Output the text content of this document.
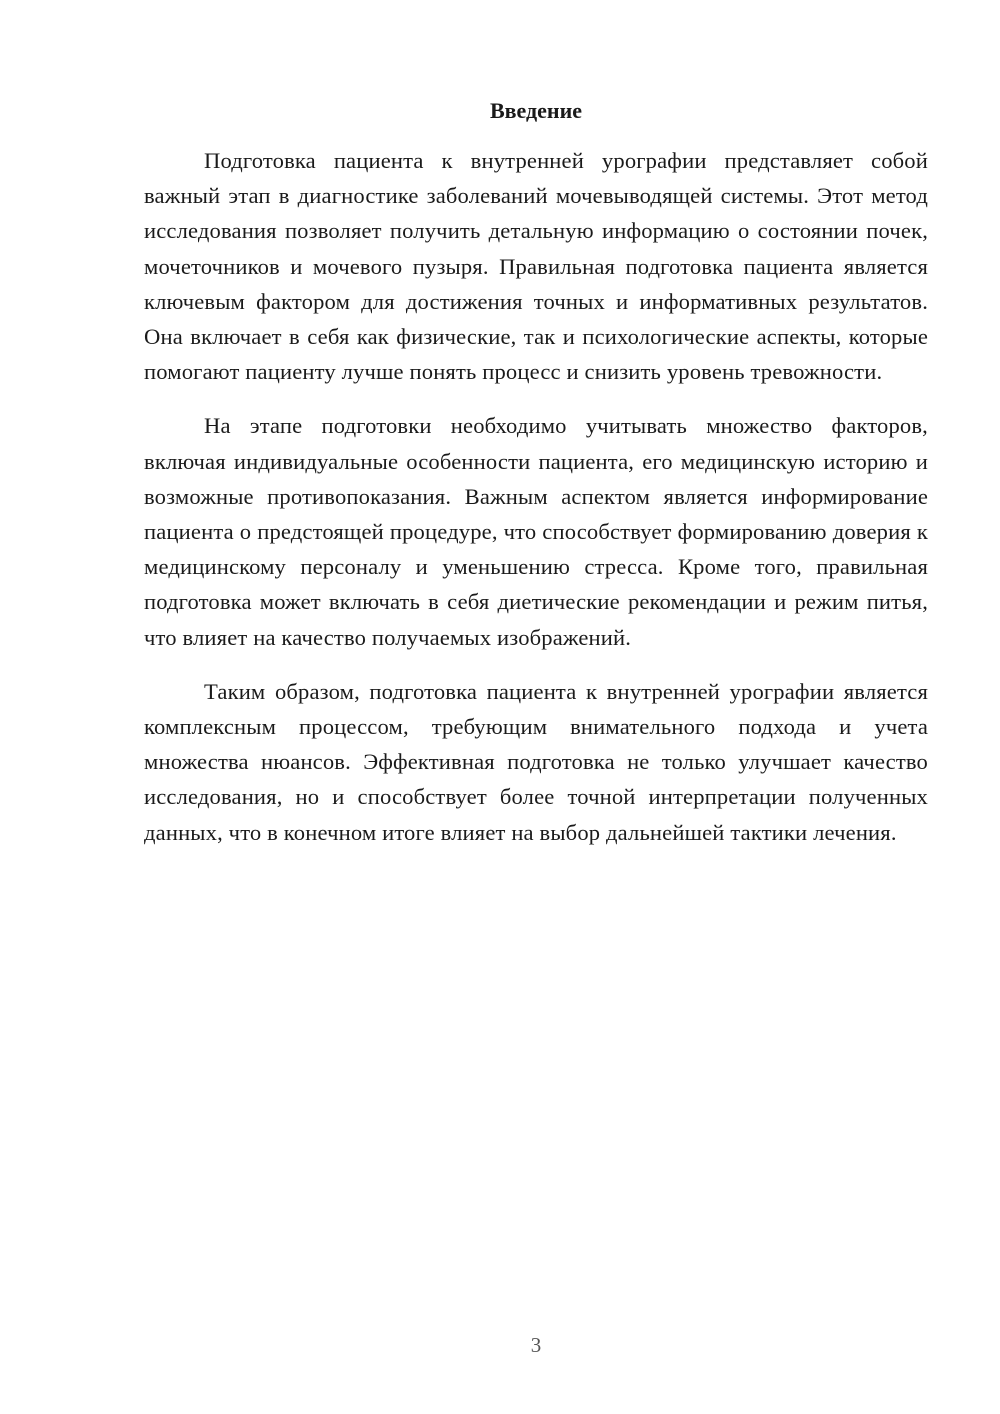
Введение

Подготовка пациента к внутренней урографии представляет собой важный этап в диагностике заболеваний мочевыводящей системы. Этот метод исследования позволяет получить детальную информацию о состоянии почек, мочеточников и мочевого пузыря. Правильная подготовка пациента является ключевым фактором для достижения точных и информативных результатов. Она включает в себя как физические, так и психологические аспекты, которые помогают пациенту лучше понять процесс и снизить уровень тревожности.

На этапе подготовки необходимо учитывать множество факторов, включая индивидуальные особенности пациента, его медицинскую историю и возможные противопоказания. Важным аспектом является информирование пациента о предстоящей процедуре, что способствует формированию доверия к медицинскому персоналу и уменьшению стресса. Кроме того, правильная подготовка может включать в себя диетические рекомендации и режим питья, что влияет на качество получаемых изображений.

Таким образом, подготовка пациента к внутренней урографии является комплексным процессом, требующим внимательного подхода и учета множества нюансов. Эффективная подготовка не только улучшает качество исследования, но и способствует более точной интерпретации полученных данных, что в конечном итоге влияет на выбор дальнейшей тактики лечения.

3
